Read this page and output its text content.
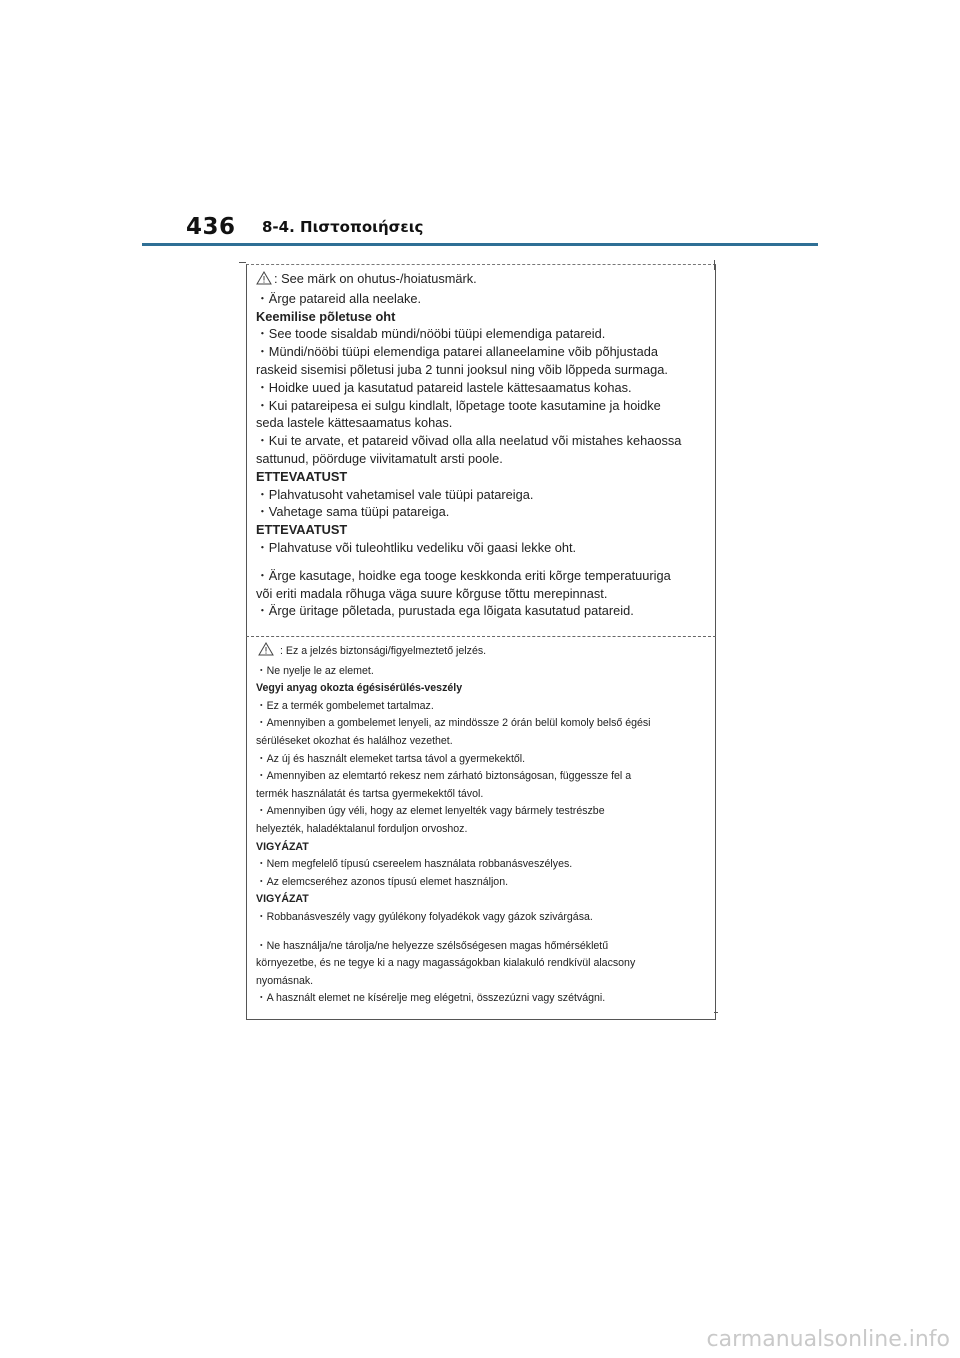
436 8-4. Πιστοποιήσεις
: See märk on ohutus-/hoiatusmärk.
・Ärge patareid alla neelake.
Keemilise põletuse oht
・See toode sisaldab mündi/nööbi tüüpi elemendiga patareid.
・Mündi/nööbi tüüpi elemendiga patarei allaneelamine võib põhjustada
raskeid sisemisi põletusi juba 2 tunni jooksul ning võib lõppeda surmaga.
・Hoidke uued ja kasutatud patareid lastele kättesaamatus kohas.
・Kui patareipesa ei sulgu kindlalt, lõpetage toote kasutamine ja hoidke
seda lastele kättesaamatus kohas.
・Kui te arvate, et patareid võivad olla alla neelatud või mistahes kehaossa
sattunud, pöörduge viivitamatult arsti poole.
ETTEVAATUST
・Plahvatusoht vahetamisel vale tüüpi patareiga.
・Vahetage sama tüüpi patareiga.
ETTEVAATUST
・Plahvatuse või tuleohtliku vedeliku või gaasi lekke oht.
・Ärge kasutage, hoidke ega tooge keskkonda eriti kõrge temperatuuriga
või eriti madala rõhuga väga suure kõrguse tõttu merepinnast.
・Ärge üritage põletada, purustada ega lõigata kasutatud patareid.
: Ez a jelzés biztonsági/figyelmeztető jelzés.
・Ne nyelje le az elemet.
Vegyi anyag okozta égésisérülés-veszély
・Ez a termék gombelemet tartalmaz.
・Amennyiben a gombelemet lenyeli, az mindössze 2 órán belül komoly belső égési
sérüléseket okozhat és halálhoz vezethet.
・Az új és használt elemeket tartsa távol a gyermekektől.
・Amennyiben az elemtartó rekesz nem zárható biztonságosan, függessze fel a
termék használatát és tartsa gyermekektől távol.
・Amennyiben úgy véli, hogy az elemet lenyelték vagy bármely testrészbe
helyezték, haladéktalanul forduljon orvoshoz.
VIGYÁZAT
・Nem megfelelő típusú csereelem használata robbanásveszélyes.
・Az elemcseréhez azonos típusú elemet használjon.
VIGYÁZAT
・Robbanásveszély vagy gyúlékony folyadékok vagy gázok szivárgása.
・Ne használja/ne tárolja/ne helyezze szélsőségesen magas hőmérsékletű
környezetbe, és ne tegye ki a nagy magasságokban kialakuló rendkívül alacsony
nyomásnak.
・A használt elemet ne kísérelje meg elégetni, összezúzni vagy szétvágni.
carmanualsonline.info
